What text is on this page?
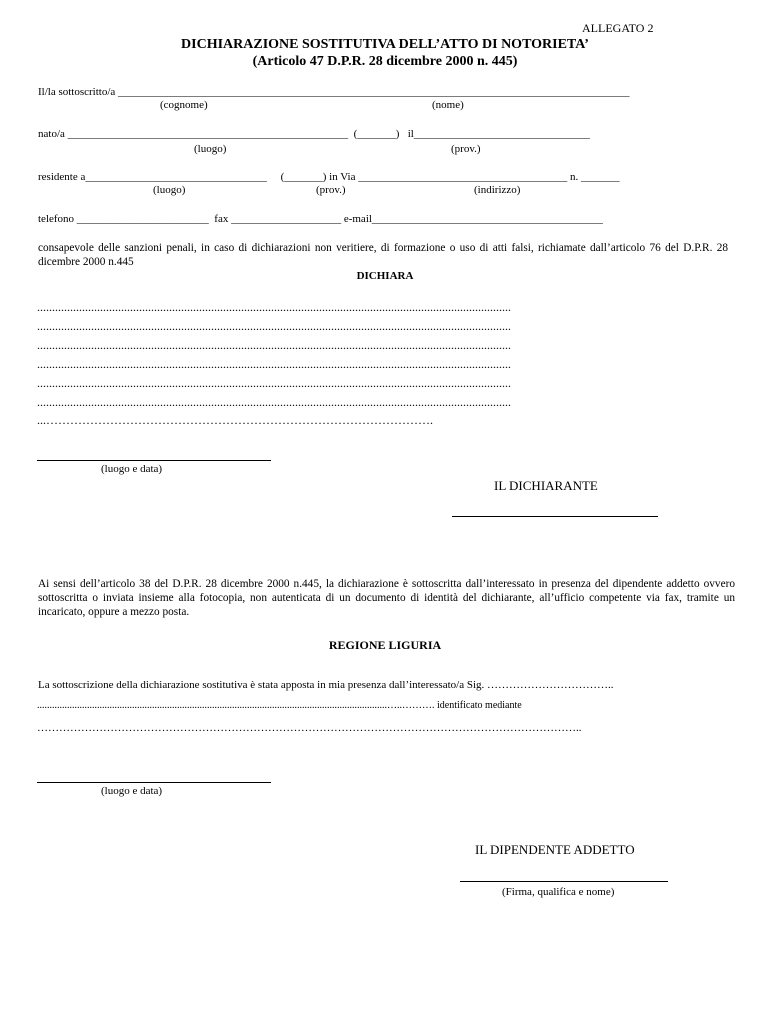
ALLEGATO 2
DICHIARAZIONE SOSTITUTIVA DELL’ATTO DI NOTORIETA’
(Articolo 47 D.P.R. 28 dicembre 2000 n. 445)
Il/la sottoscritto/a _____________________________________________________________________________________________
(cognome)	(nome)
nato/a ___________________________________________________  (_______)   il________________________________
(luogo)	(prov.)
residente a_________________________________     (_______) in Via ______________________________________ n. _______
(luogo)	(prov.)	(indirizzo)
telefono ________________________  fax ____________________ e-mail__________________________________________
consapevole delle sanzioni penali, in caso di dichiarazioni non veritiere, di formazione o uso di atti falsi, richiamate dall’articolo 76 del D.P.R. 28 dicembre 2000 n.445
DICHIARA
..............................................................................................................................................................
..............................................................................................................................................................
..............................................................................................................................................................
..............................................................................................................................................................
..............................................................................................................................................................
..............................................................................................................................................................
...…………………………………………………………………………………….
(luogo e data)
IL DICHIARANTE
Ai sensi dell’articolo 38 del D.P.R. 28 dicembre 2000 n.445, la dichiarazione è sottoscritta dall’interessato in presenza del dipendente addetto ovvero sottoscritta o inviata insieme alla fotocopia, non autenticata di un documento di identità del dichiarante, all’ufficio competente via fax, tramite un incaricato, oppure a mezzo posta.
REGIONE LIGURIA
La sottoscrizione della dichiarazione sostitutiva è stata apposta in mia presenza dall’interessato/a Sig. ……………………………..
............................................................................................................................................…..………. identificato mediante
…………………………………………………………………………………………………………………………………..
(luogo e data)
IL DIPENDENTE ADDETTO
(Firma, qualifica e nome)
